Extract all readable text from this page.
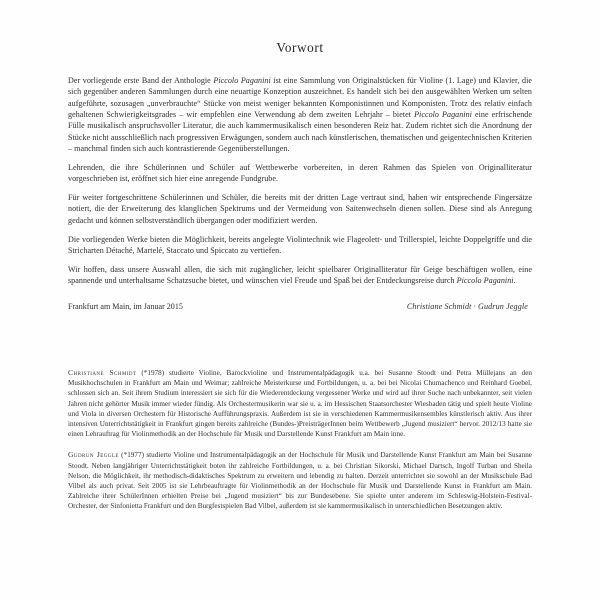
Vorwort

Der vorliegende erste Band der Anthologie Piccolo Paganini ist eine Sammlung von Originalstücken für Violine (1. Lage) und Klavier, die sich gegenüber anderen Sammlungen durch eine neuartige Konzeption auszeichnet. Es handelt sich bei den ausgewählten Werken um selten aufgeführte, sozusagen „unverbrauchte“ Stücke von meist weniger bekannten Komponistinnen und Komponisten. Trotz des relativ einfach gehaltenen Schwierigkeitsgrades – wir empfehlen eine Verwendung ab dem zweiten Lehrjahr – bietet Piccolo Paganini eine erfrischende Fülle musikalisch anspruchsvoller Literatur, die auch kammermusikalisch einen besonderen Reiz hat. Zudem richtet sich die Anordnung der Stücke nicht ausschließlich nach progressiven Erwägungen, sondern auch nach künstlerischen, thematischen und geigentechnischen Kriterien – manchmal finden sich auch kontrastierende Gegenüberstellungen.

Lehrenden, die ihre Schülerinnen und Schüler auf Wettbewerbe vorbereiten, in deren Rahmen das Spielen von Originalliteratur vorgeschrieben ist, eröffnet sich hier eine anregende Fundgrube.

Für weiter fortgeschrittene Schülerinnen und Schüler, die bereits mit der dritten Lage vertraut sind, haben wir entsprechende Fingersätze notiert, die der Erweiterung des klanglichen Spektrums und der Vermeidung von Saitenwechseln dienen sollen. Diese sind als Anregung gedacht und können selbstverständlich übergangen oder modifiziert werden.

Die vorliegenden Werke bieten die Möglichkeit, bereits angelegte Violintechnik wie Flageolett- und Trillerspiel, leichte Doppelgriffe und die Stricharten Détaché, Martelé, Staccato und Spiccato zu vertiefen.

Wir hoffen, dass unsere Auswahl allen, die sich mit zugänglicher, leicht spielbarer Originalliteratur für Geige beschäftigen wollen, eine spannende und unterhaltsame Schatzsuche bietet, und wünschen viel Freude und Spaß bei der Entdeckungsreise durch Piccolo Paganini.

Frankfurt am Main, im Januar 2015	Christiane Schmidt · Gudrun Jeggle

Christiane Schmidt (*1978) studierte Violine, Barockvioline und Instrumentalpädagogik u.a. bei Susanne Stoodt und Petra Müllejans an den Musikhochschulen in Frankfurt am Main und Weimar; zahlreiche Meisterkurse und Fortbildungen, u. a. bei bei Nicolai Chumachenco und Reinhard Goebel, schlossen sich an. Seit ihrem Studium interessiert sie sich für die Wiederentdeckung vergessener Werke und wird auf ihrer Suche nach unbekannter, seit vielen Jahren nicht gehörter Musik immer wieder fündig. Als Orchestermusikerin war sie u. a. im Hessischen Staatsorchester Wiesbaden tätig und spielt heute Violine und Viola in diversen Orchestern für Historische Aufführungspraxis. Außerdem ist sie in verschiedenen Kammermusikensembles künstlerisch aktiv. Aus ihrer intensiven Unterrichtstätigkeit in Frankfurt gingen bereits zahlreiche (Bundes-)PreisträgerInnen beim Wettbewerb „Jugend musiziert“ hervor. 2012/13 hatte sie einen Lehrauftrag für Violinmethodik an der Hochschule für Musik und Darstellende Kunst Frankfurt am Main inne.

Gudrun Jeggle (*1977) studierte Violine und Instrumentalpädagogik an der Hochschule für Musik und Darstellende Kunst Frankfurt am Main bei Susanne Stoodt. Neben langjähriger Unterrichtstätigkeit boten ihr zahlreiche Fortbildungen, u. a. bei Christian Sikorski, Michael Dartsch, Ingolf Turban und Sheila Nelson, die Möglichkeit, ihr methodisch-didaktisches Spektrum zu erweitern und lebendig zu halten. Derzeit unterrichtet sie sowohl an der Musikschule Bad Vilbel als auch privat. Seit 2005 ist sie Lehrbeauftragte für Violinmethodik an der Hochschule für Musik und Darstellende Kunst in Frankfurt am Main. Zahlreiche ihrer SchülerInnen erhielten Preise bei „Jugend musiziert“ bis zur Bundesebene. Sie spielte unter anderem im Schleswig-Holstein-Festival-Orchester, der Sinfonietta Frankfurt und den Burgfestspielen Bad Vilbel, außerdem ist sie kammermusikalisch in unterschiedlichen Besetzungen aktiv.
